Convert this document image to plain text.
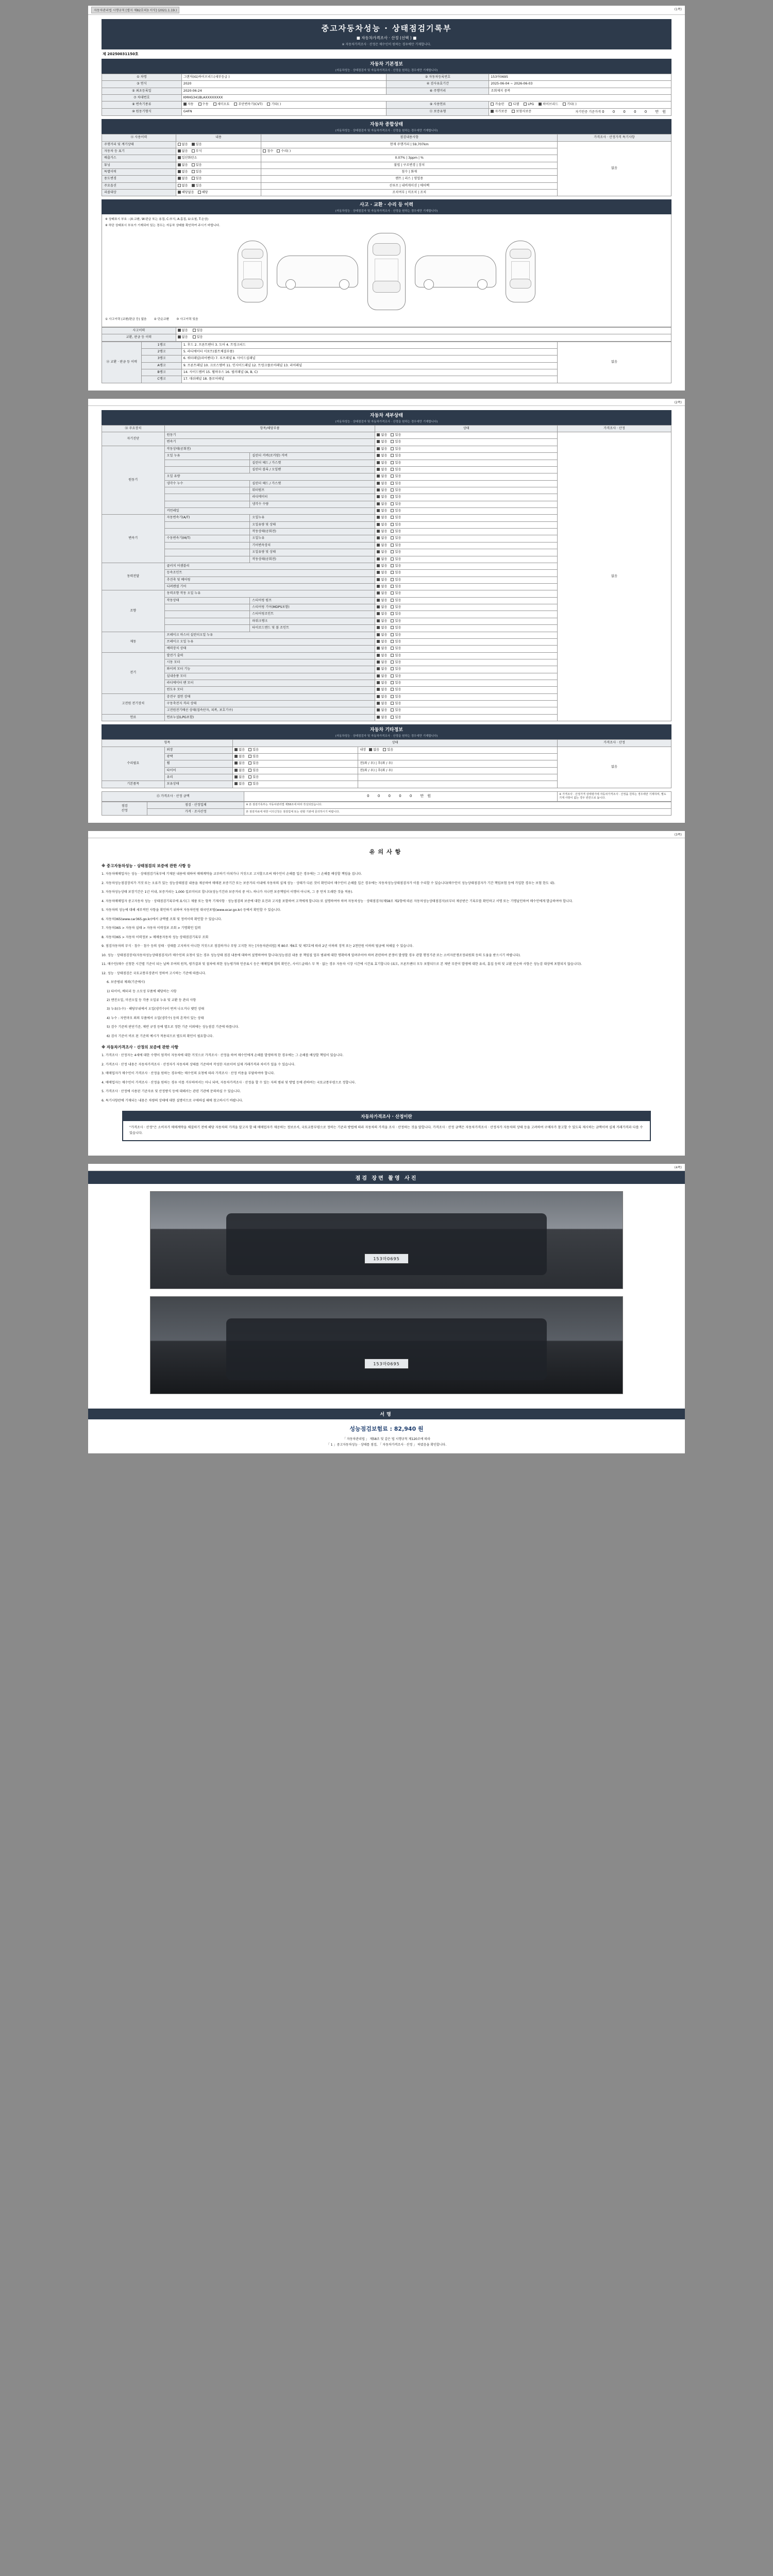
자동차관리법 시행규칙 [별지 제82호의3 서식] (2021.1.19.)	(1쪽)
중고자동차성능 · 상태점검기록부
■ 자동차가격조사 · 산정 (선택 ) ■
※ 자동차가격조사 · 산정은 매수인이 원하는 경우에만 기재합니다.
제 20250031150호
자동차 기본정보
(자동차성능 · 상태점검자 및 자동차가격조사 · 산정을 원하는 경우에만 기재합니다)
① 차명	그랜저(IG)하이브리드(세부등급 )	② 자동차등록번호	153마0695
③ 연식	2020	④ 검사유효기간	2025-06-04 ~ 2026-06-03
⑤ 최초등록일	2020-06-24	⑥ 주행거리	조회제지 중복
⑦ 차대번호	KMHG341BLAXXXXXXXX		
⑧ 변속기종류	자동 수동 세미오토 무단변속기(CVT) 기타( )	⑨ 사용연료	가솔린 디젤 LPG 하이브리드 기타( )
⑩ 원동기형식	G4FN	⑪ 보증유형	자가보증 보험사보증 자기인증 기준가격 0 0 0 0 0 만원
자동차 종합상태
(자동차성능 · 상태점검자 및 자동차가격조사 · 산정을 원하는 경우에만 기재합니다)
⑫ 사용이력	내용	점검내용사항	가격조사 · 산정가격 특기사항
주행거리 및 계기상태	없음 있음	현재 주행거리 | 59,707km	없음
자동차 등 표기	없음 부식	침수 수리( )	
배출가스	일산화탄소	0.07% | 3ppm | %	
튜닝	없음 있음	불법 | 구조변경 | 장치	
특별이력	없음 있음	침수 | 화재	
용도변경	없음 있음	렌트 | 리스 | 영업용	
주요옵션	없음 있음	선루프 | 내비게이션 | 에어백	
리콜대상	해당없음 해당	조치여부 | 미조치 | 조치	
사고 · 교환 · 수리 등 이력
(자동차성능 · 상태점검자 및 자동차가격조사 · 산정을 원하는 경우에만 기재합니다)
※ 상태표시 부호 : (X:교환, W:판금 또는 용접, C:부식, A:흠집, U:요철, T:손상)
※ 하단 상태표시 부호가 기재되어 있는 경우는 자동차 상태를 확인하여 주시기 바랍니다.
① 사고이력 (교환/판금 등) 없음 ② 단순교환 ③ 사고이력 있음
사고이력	없음 있음
교환, 판금 등 이력	없음 있음
⑬ 교환 · 판금 등 이력	1랭크	1. 후드 2. 프론트팬더 3. 도어 4. 트렁크리드	없음
	2랭크	5. 라디에이터 서포트(볼트체결부품)	
	3랭크	6. 쿼터패널(리어팬더) 7. 루프패널 8. 사이드실패널	
	A랭크	9. 프론트패널 10. 크로스멤버 11. 인사이드패널 12. 트렁크플로어패널 13. 리어패널	
	B랭크	14. 사이드멤버 15. 휠하우스 16. 필러패널 (A, B, C)	
	C랭크	17. 대쉬패널 18. 플로어패널	
(2쪽)
자동차 세부상태
(자동차성능 · 상태점검자 및 자동차가격조사 · 산정을 원하는 경우에만 기재합니다)
⑭ 주요장치	항목/해당부품		상태	가격조사 · 산정
자기진단	원동기		없음 있음	없음
	변속기		없음 있음	
원동기	작동상태(공회전)		없음 있음	
	오일 누유	실린더 커버(로커암) 커버	없음 있음	
		실린더 헤드 / 가스켓	없음 있음	
		실린더 블록 / 오일팬	없음 있음	
	오일 유량		없음 있음	
	냉각수 누수	실린더 헤드 / 가스켓	없음 있음	
		워터펌프	없음 있음	
		라디에이터	없음 있음	
		냉각수 수량	없음 있음	
	커먼레일		없음 있음	
변속기	자동변속기(A/T)	오일누유	없음 있음	
		오일유량 및 상태	없음 있음	
		작동상태(공회전)	없음 있음	
	수동변속기(M/T)	오일누유	없음 있음	
		기어변속장치	없음 있음	
		오일유량 및 상태	없음 있음	
		작동상태(공회전)	없음 있음	
동력전달	클러치 어셈블리		없음 있음	
	등속조인트		없음 있음	
	추진축 및 베어링		없음 있음	
	디퍼렌셜 기어		없음 있음	
조향	동력조향 작동 오일 누유		없음 있음	
	작동상태	스티어링 펌프	없음 있음	
		스티어링 기어(MDPS포함)	없음 있음	
		스티어링조인트	없음 있음	
		파워크랭크	없음 있음	
		타이로드엔드 및 볼 조인트	없음 있음	
제동	브레이크 마스터 실린더오일 누유		없음 있음	
	브레이크 오일 누유		없음 있음	
	배력장치 상태		없음 있음	
전기	발전기 출력		없음 있음	
	시동 모터		없음 있음	
	와이퍼 모터 기능		없음 있음	
	실내송풍 모터		없음 있음	
	라디에이터 팬 모터		없음 있음	
	윈도우 모터		없음 있음	
고전원 전기장치	충전구 절연 상태		없음 있음	
	구동축전지 격리 상태		없음 있음	
	고전원전기배선 상태(접속단자, 피복, 보호기구)		없음 있음	
연료	연료누설(LPG포함)		없음 있음	
자동차 기타정보
(자동차성능 · 상태점검자 및 자동차가격조사 · 산정을 원하는 경우에만 기재합니다)
항목		상태		가격조사 · 산정
수리필요	외장	없음 있음	내장 없음 있음	없음
	광택	없음 있음		
	휠	없음 있음	전(좌 / 우) | 후(좌 / 우)	
	타이어	없음 있음	전(좌 / 우) | 후(좌 / 우)	
	유리	없음 있음		
기본품목	보유상태	없음 있음		
⑮ 가격조사 · 산정 금액	0 0 0 0 0 만원	※ 가격조사 · 산정가격 상태평가에 자동차가격조사 · 산정을 원하는 경우에만 기재하며, 별도 기재 사항이 없는 경우 빈칸으로 둡니다.
점검
산정	점검 · 산정업체	※ 본 점검기록부는 자동차관리법 제58조에 따라 작성되었습니다.
	가격 · 조사산정	본 점검자료에 대한 이의신청은 점검업체 또는 관할 기관에 문의하시기 바랍니다.
(3쪽)
유의사항
※ 중고자동차성능 · 상태점검의 보증에 관한 사항 등

1. 자동차매매업자는 성능 · 상태점검기록부에 기재된 내용에 대하여 매매계약을 교부하기 마쳐가나 거짓으로 고지할으로써 매수인이 손해를 입은 경우에는 그 손해를 배상할 책임을 집니다.

2. 자동차성능점검장치가 거짓 또는 오류가 있는 성능상태점검 내용을 제공하여 매매된 보증기간 또는 보증거리 이내에 자동차의 실제 성능 · 상태가 다른 것이 확인되어 매수인이 손해를 입은 경우에는 자동차성능상태점검자가 이를 수리할 수 있습니다(매수인이 성능상태점검자가 기간 책임보험 등에 가입한 경우는 보험 한도 내).

3. 자동차성능상태 보장기간은 1년 이내, 보증거리는 1,000 킬로미터로 합니다(성능기간과 보증거리 중 어느 하나가 지나면 보증책임이 이행이 아니며, 그 중 먼저 도래한 것을 적용).

4. 자동차매매업자 중고자동차 성능 · 상태점검기록부에 표시(그 제품 또는 항목 기재사항 · 성능점검의 보증에 대한 요건과 고지를 포함하여 고객에게 합니다) 또 설명하여야 하며 자동차성능 · 상태점검자(제58조 제2항에 따른 자동차성능상태점검자)로부터 제공받은 기록부를 확인하고 서명 또는 기명날인하여 매수인에게 발급하여야 합니다.

5. 자동차의 성능에 대해 세부적인 사항을 확인하기 위하여 자동차민원 대국민포털(www.ecar.go.kr) 등에서 확인할 수 있습니다.

6. 자동차365(www.car365.go.kr)에서 금액별 조회 및 정비이력 확인할 수 있습니다.

7. 자동차365 > 자동차 실태 > 자동차 이력정보 조회 > 기명확인 입력

8. 자동차365 > 자동차 이력정보 > 매매용자동차 성능 상태점검기록부 조회

9. 점검자동차의 부식 · 침수 · 침수 등의 상태 · 상태를 고지하지 아니한 거짓으로 점검하거나 부당 고지한 자는 [자동차관리법] 제 80조 제6호 및 제7호에 따라 2년 이하의 징역 또는 2천만원 이하의 벌금에 처해질 수 있습니다.

10. 성능 · 상태점검장치(자동차성능상태점검자)가 매수인의 요청이 있는 경우 성능상태 점검 내용에 대하여 설명하여야 합니다(성능점검 내용 중 책임질 업무 범위에 대한 명확하게 알려주어야 하며 관련하여 분쟁이 발생할 경우 관할 행정기관 또는 소비자분쟁조정위원회 등의 도움을 받으시기 바랍니다).

11. 매수인(매수 신청한 시간별 기준이 되는 날짜 부여의 원칙, 평가결과 및 절차에 의한 성능평가와 인증표시 등은 매매업체 협의 확인은, 사이드글래스 부 착 · 없는 경우 자동차 시장 시간에 시간표 효기합니다 (표도, 프론트팬더 모두 포함되므로 본 제반 부분이 발생에 대한 유리, 흠집 등의 및 교환 단순하 사항은 성능검 대상에 포함되지 않습니다).

12. 성능 · 상태점검은 국토교통부장관이 정하여 고시하는 기준에 따릅니다.

6. 보증범위 제외(기준예시)

1) 타이어, 배터리 등 소모성 부품에 해당하는 사항

2) 엔진오일, 미션오일 등 각종 오일류 누유 및 교환 등 관리 사항

3) 누유(누수) · 해당부위에서 오일(냉각수)이 번져 나오거나 맺힌 상태

4) 누수 : 자연마모 외의 부품에서 오일(냉각수) 등의 흔적이 있는 상태

5) 검수 기준의 판단기준, 제반 규정 등에 별도로 정한 기준 이외에는 성능점검 기준에 따릅니다.

6) 검사 기준이 비로 된 기준의 예시가 적용되므로 별도의 확인이 필요합니다.

※ 자동차가격조사 · 산정의 보증에 관한 사항

1. 가격조사 · 산정자는 4세에 대한 수행이 엄격이 자동차에 대한 거짓으로 가격조사 · 산정을 하여 매수인에게 손해를 발생하게 한 경우에는 그 손해를 배상할 책임이 있습니다.

2. 가격조사 · 산정 내용은 자동차가격조사 · 산정자가 자동차의 상태를 기준하여 작성한 자료이며 실제 거래가격과 차이가 있을 수 있습니다.

3. 매매업자가 매수인이 가격조사 · 산정을 원하는 경우에는 매수인의 요청에 따라 가격조사 · 산정 비용을 부담하여야 합니다.

4. 매매업자는 매수인이 가격조사 · 산정을 원하는 경우 이를 거부하여서는 아니 되며, 자동차가격조사 · 산정을 할 수 있는 자의 범위 및 방법 등에 관하여는 국토교통부령으로 정합니다.

5. 가격조사 · 산정에 사용된 기준자료 및 산정방식 등에 대해서는 관련 기관에 문의하실 수 있습니다.

6. 특기사항란에 기재되는 내용은 차량의 상태에 대한 설명이므로 구매하실 때에 참고하시기 바랍니다.

자동차가격조사 · 산정이란

"가격조사 · 산정"은 소비자가 매매계약을 체결하기 전에 해당 자동차의 가격을 알고자 할 때 매매업자가 제공하는 정보로서, 국토교통부령으로 정하는 기준과 방법에 따라 자동차의 가격을 조사 · 산정하는 것을 말합니다. 가격조사 · 산정 금액은 자동차가격조사 · 산정자가 자동차의 상태 등을 고려하여 구매자가 참고할 수 있도록 제시하는 금액이며 실제 거래가격과 다를 수 있습니다.

(4쪽)
점검 장면 촬영 사진
153마0695
153마0695
서명
성능점검보험료 : 82,940 원
「 자동차관리법 」 제58조 및 같은 법 시행규칙 제120조에 따라
「 1 」중고자동차성능 · 상태를 점검, 「 자동차가격조사 · 산정 」 하였음을 확인합니다.
